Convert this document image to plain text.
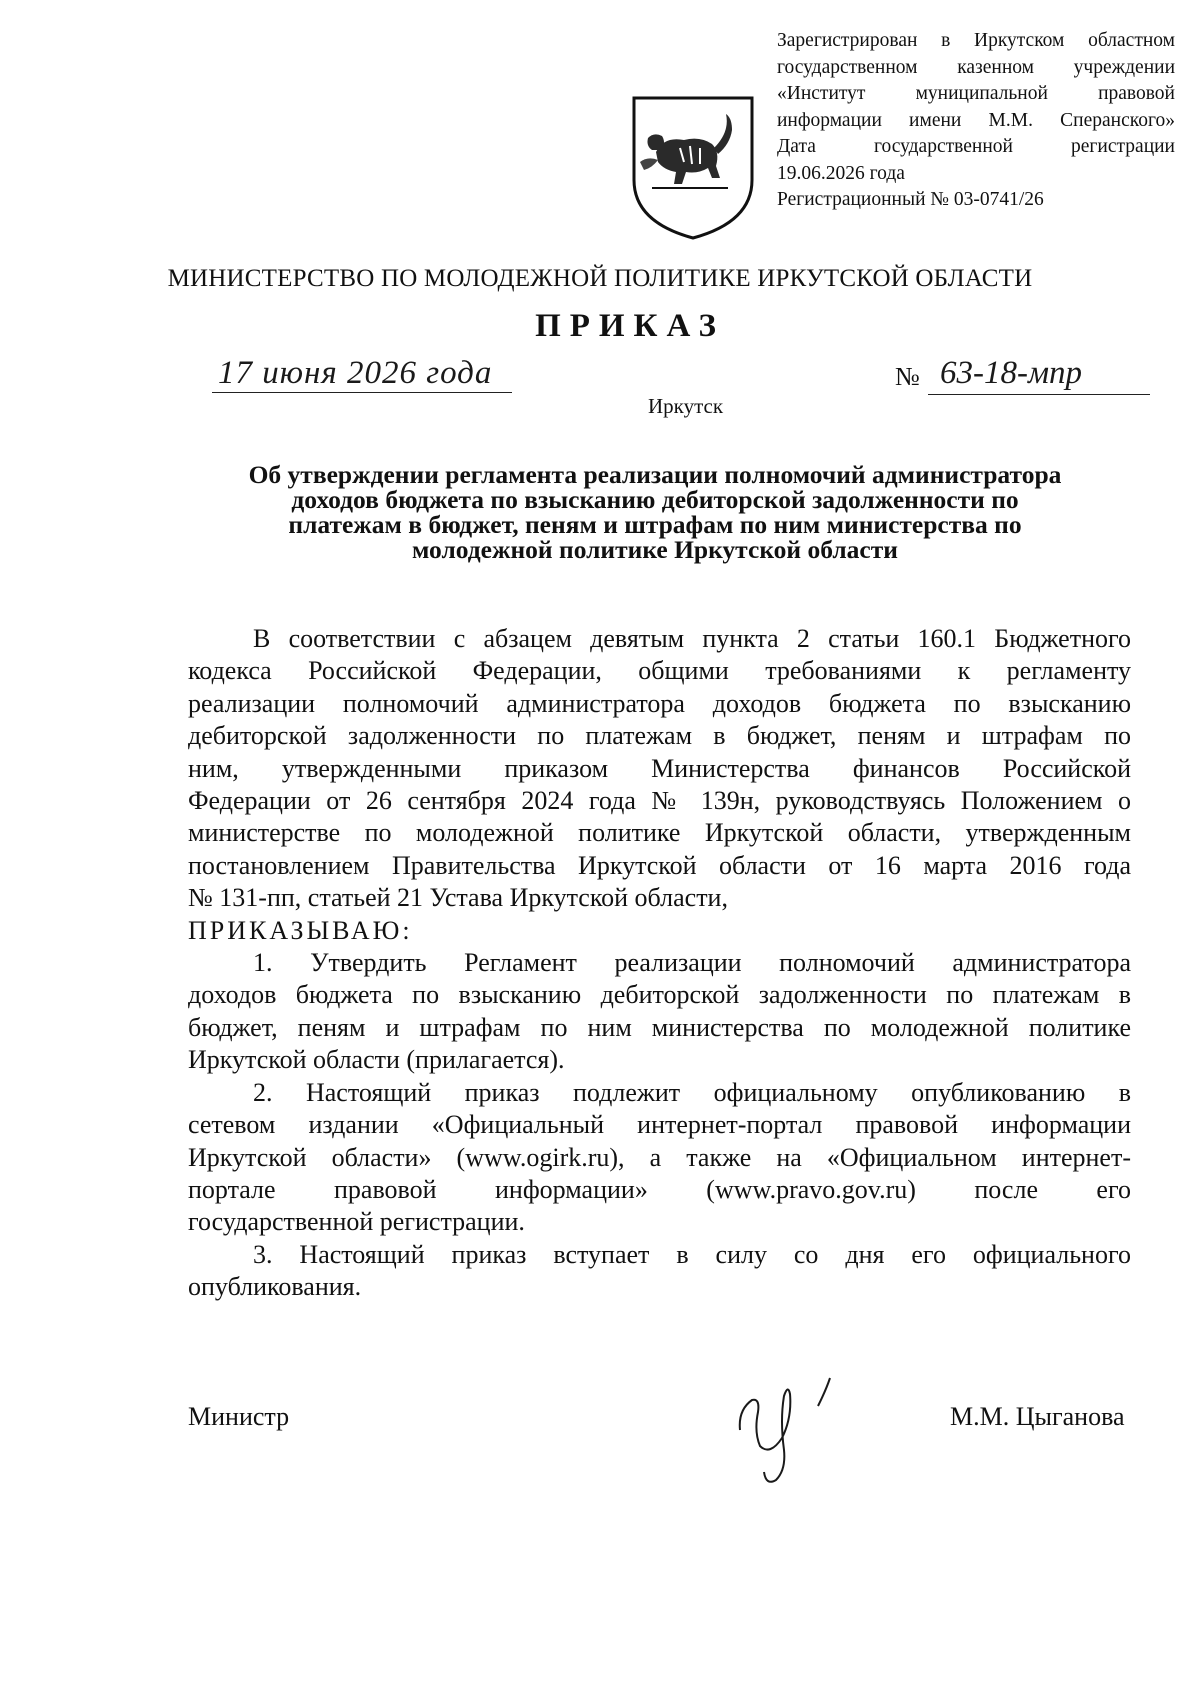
Зарегистрирован в Иркутском областном
государственном казенном учреждении
«Институт муниципальной правовой
информации имени М.М. Сперанского»
Дата государственной регистрации
19.06.2026 года
Регистрационный № 03-0741/26
МИНИСТЕРСТВО ПО МОЛОДЕЖНОЙ ПОЛИТИКЕ ИРКУТСКОЙ ОБЛАСТИ
ПРИКАЗ
17 июня 2026 года	№ 63-18-мпр
Иркутск
Об утверждении регламента реализации полномочий администратора
доходов бюджета по взысканию дебиторской задолженности по
платежам в бюджет, пеням и штрафам по ним министерства по
молодежной политике Иркутской области
В соответствии с абзацем девятым пункта 2 статьи 160.1 Бюджетного
кодекса Российской Федерации, общими требованиями к регламенту
реализации полномочий администратора доходов бюджета по взысканию
дебиторской задолженности по платежам в бюджет, пеням и штрафам по
ним, утвержденными приказом Министерства финансов Российской
Федерации от 26 сентября 2024 года № 139н, руководствуясь Положением о
министерстве по молодежной политике Иркутской области, утвержденным
постановлением Правительства Иркутской области от 16 марта 2016 года
№ 131-пп, статьей 21 Устава Иркутской области,
ПРИКАЗЫВАЮ:
1. Утвердить Регламент реализации полномочий администратора
доходов бюджета по взысканию дебиторской задолженности по платежам в
бюджет, пеням и штрафам по ним министерства по молодежной политике
Иркутской области (прилагается).
2. Настоящий приказ подлежит официальному опубликованию в
сетевом издании «Официальный интернет-портал правовой информации
Иркутской области» (www.ogirk.ru), а также на «Официальном интернет-
портале правовой информации» (www.pravo.gov.ru) после его
государственной регистрации.
3. Настоящий приказ вступает в силу со дня его официального
опубликования.
Министр	М.М. Цыганова
